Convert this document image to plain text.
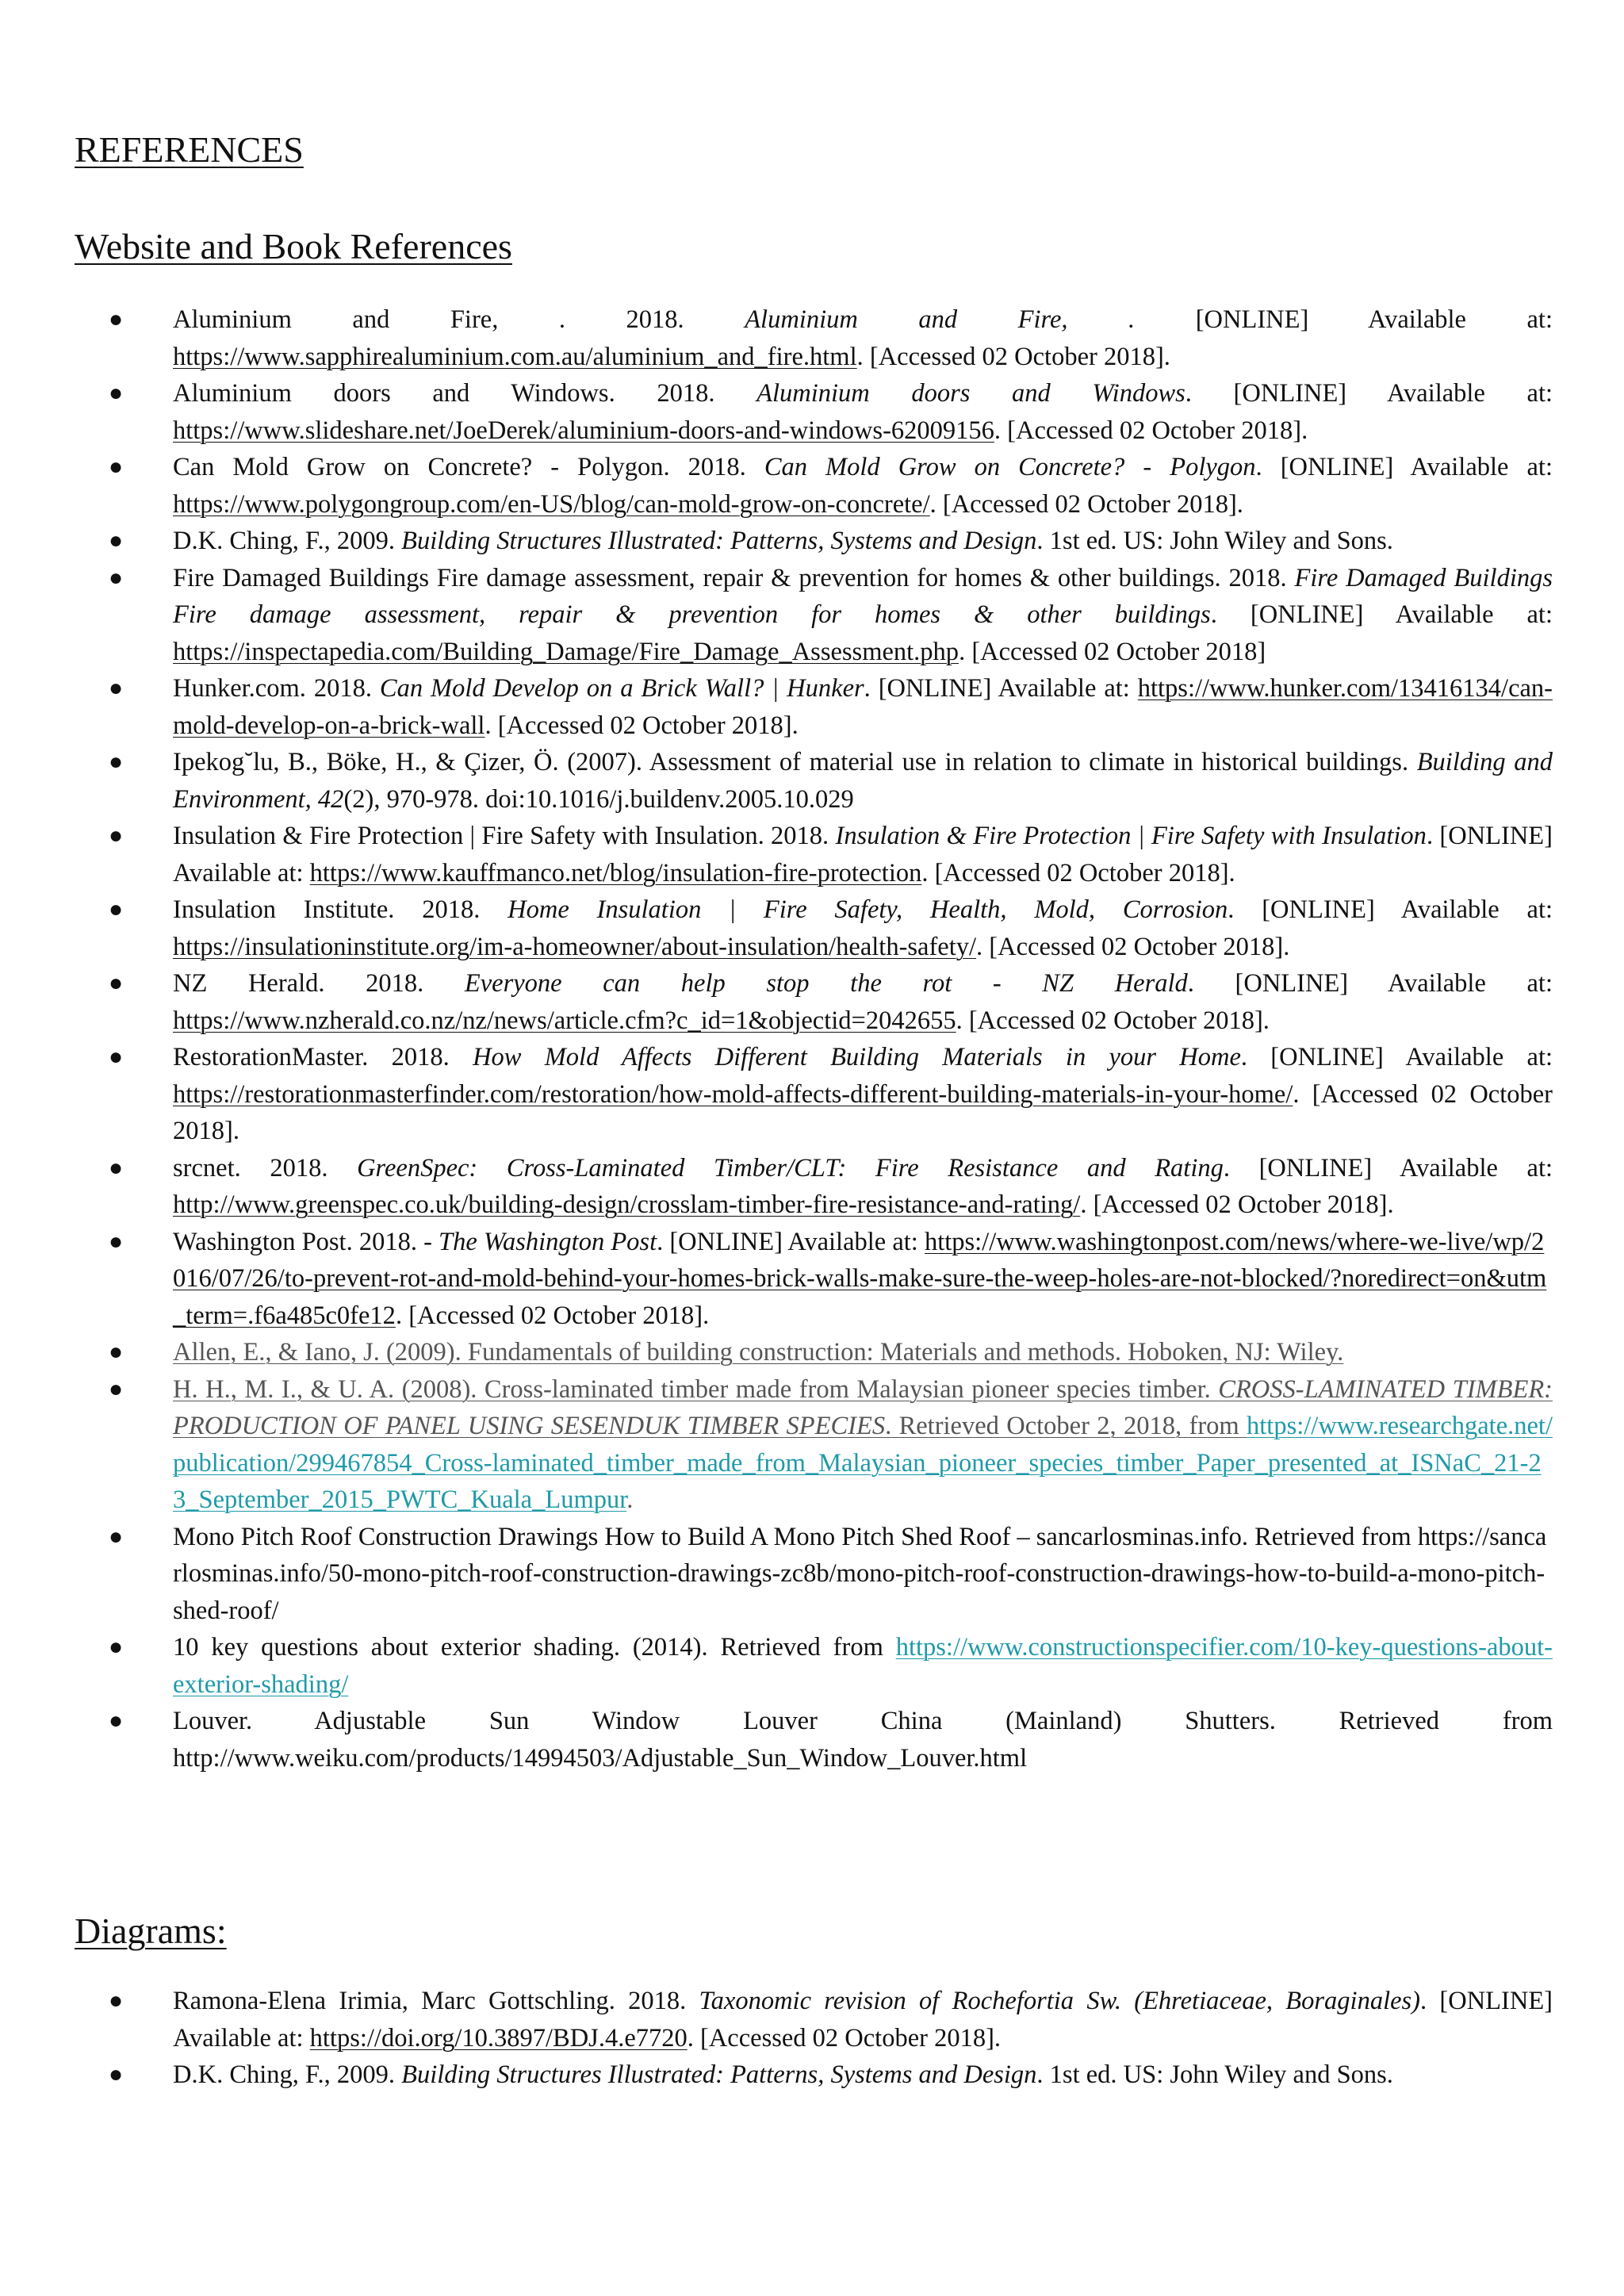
REFERENCES
Website and Book References
● Aluminium and Fire, . 2018. Aluminium and Fire, . [ONLINE] Available at: https://www.sapphirealuminium.com.au/aluminium_and_fire.html. [Accessed 02 October 2018].
● Aluminium doors and Windows. 2018. Aluminium doors and Windows. [ONLINE] Available at: https://www.slideshare.net/JoeDerek/aluminium-doors-and-windows-62009156. [Accessed 02 October 2018].
● Can Mold Grow on Concrete? - Polygon. 2018. Can Mold Grow on Concrete? - Polygon. [ONLINE] Available at: https://www.polygongroup.com/en-US/blog/can-mold-grow-on-concrete/. [Accessed 02 October 2018].
● D.K. Ching, F., 2009. Building Structures Illustrated: Patterns, Systems and Design. 1st ed. US: John Wiley and Sons.
● Fire Damaged Buildings Fire damage assessment, repair & prevention for homes & other buildings. 2018. Fire Damaged Buildings Fire damage assessment, repair & prevention for homes & other buildings. [ONLINE] Available at: https://inspectapedia.com/Building_Damage/Fire_Damage_Assessment.php. [Accessed 02 October 2018]
● Hunker.com. 2018. Can Mold Develop on a Brick Wall? | Hunker. [ONLINE] Available at: https://www.hunker.com/13416134/can-mold-develop-on-a-brick-wall. [Accessed 02 October 2018].
● Ipekog˘lu, B., Böke, H., & Çizer, Ö. (2007). Assessment of material use in relation to climate in historical buildings. Building and Environment, 42(2), 970-978. doi:10.1016/j.buildenv.2005.10.029
● Insulation & Fire Protection | Fire Safety with Insulation. 2018. Insulation & Fire Protection | Fire Safety with Insulation. [ONLINE] Available at: https://www.kauffmanco.net/blog/insulation-fire-protection. [Accessed 02 October 2018].
● Insulation Institute. 2018. Home Insulation | Fire Safety, Health, Mold, Corrosion. [ONLINE] Available at: https://insulationinstitute.org/im-a-homeowner/about-insulation/health-safety/. [Accessed 02 October 2018].
● NZ Herald. 2018. Everyone can help stop the rot - NZ Herald. [ONLINE] Available at: https://www.nzherald.co.nz/nz/news/article.cfm?c_id=1&objectid=2042655. [Accessed 02 October 2018].
● RestorationMaster. 2018. How Mold Affects Different Building Materials in your Home. [ONLINE] Available at: https://restorationmasterfinder.com/restoration/how-mold-affects-different-building-materials-in-your-home/. [Accessed 02 October 2018].
● srcnet. 2018. GreenSpec: Cross-Laminated Timber/CLT: Fire Resistance and Rating. [ONLINE] Available at: http://www.greenspec.co.uk/building-design/crosslam-timber-fire-resistance-and-rating/. [Accessed 02 October 2018].
● Washington Post. 2018. - The Washington Post. [ONLINE] Available at: https://www.washingtonpost.com/news/where-we-live/wp/2016/07/26/to-prevent-rot-and-mold-behind-your-homes-brick-walls-make-sure-the-weep-holes-are-not-blocked/?noredirect=on&utm_term=.f6a485c0fe12. [Accessed 02 October 2018].
● Allen, E., & Iano, J. (2009). Fundamentals of building construction: Materials and methods. Hoboken, NJ: Wiley.
● H. H., M. I., & U. A. (2008). Cross-laminated timber made from Malaysian pioneer species timber. CROSS-LAMINATED TIMBER: PRODUCTION OF PANEL USING SESENDUK TIMBER SPECIES. Retrieved October 2, 2018, from https://www.researchgate.net/publication/299467854_Cross-laminated_timber_made_from_Malaysian_pioneer_species_timber_Paper_presented_at_ISNaC_21-23_September_2015_PWTC_Kuala_Lumpur.
● Mono Pitch Roof Construction Drawings How to Build A Mono Pitch Shed Roof – sancarlosminas.info. Retrieved from https://sancarlosminas.info/50-mono-pitch-roof-construction-drawings-zc8b/mono-pitch-roof-construction-drawings-how-to-build-a-mono-pitch-shed-roof/
● 10 key questions about exterior shading. (2014). Retrieved from https://www.constructionspecifier.com/10-key-questions-about-exterior-shading/
● Louver. Adjustable Sun Window Louver China (Mainland) Shutters. Retrieved from http://www.weiku.com/products/14994503/Adjustable_Sun_Window_Louver.html
Diagrams:
● Ramona-Elena Irimia, Marc Gottschling. 2018. Taxonomic revision of Rochefortia Sw. (Ehretiaceae, Boraginales). [ONLINE] Available at: https://doi.org/10.3897/BDJ.4.e7720. [Accessed 02 October 2018].
● D.K. Ching, F., 2009. Building Structures Illustrated: Patterns, Systems and Design. 1st ed. US: John Wiley and Sons.
